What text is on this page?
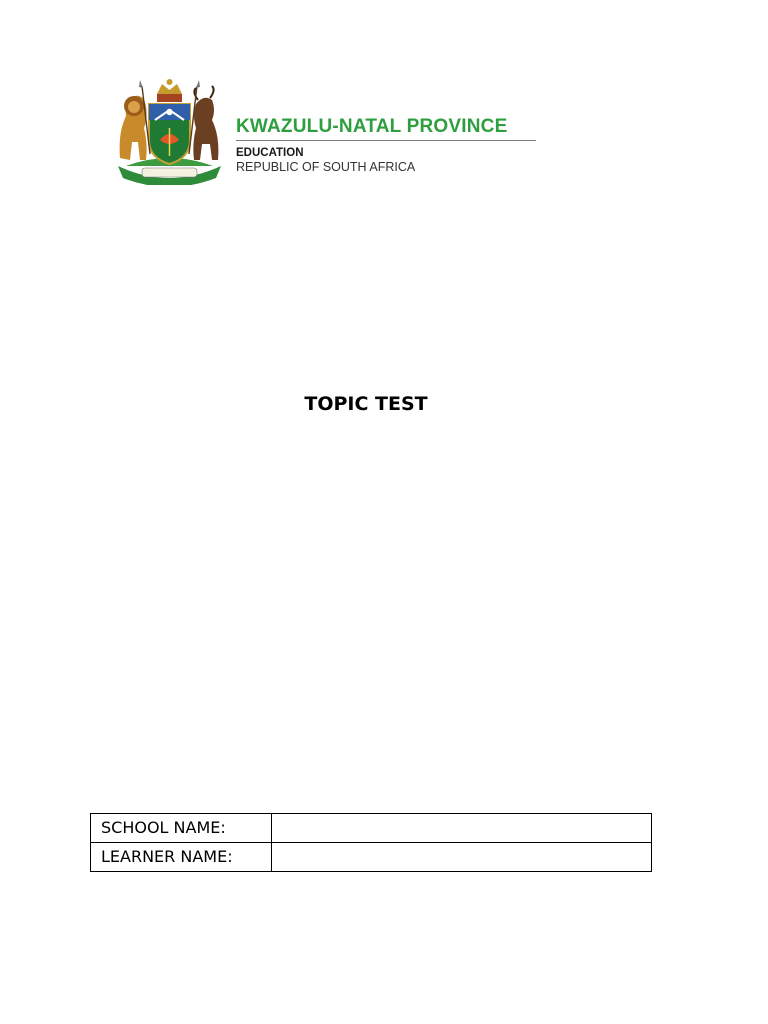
KWAZULU-NATAL PROVINCE
EDUCATION
REPUBLIC OF SOUTH AFRICA
TOPIC TEST
SCHOOL NAME:	
LEARNER NAME:	
